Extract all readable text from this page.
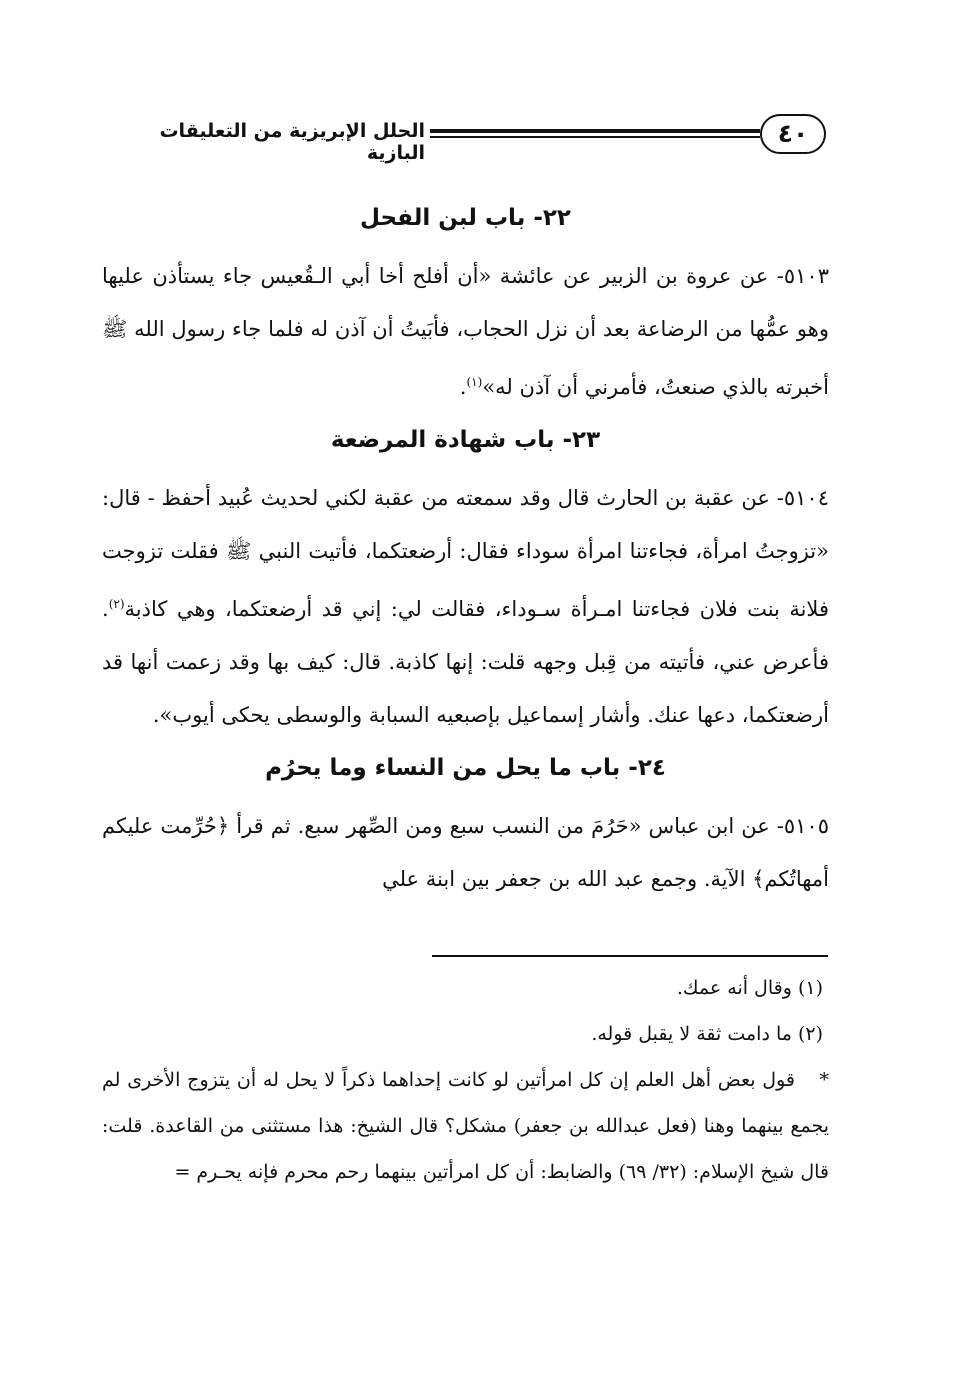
٤٠
الحلل الإبريزية من التعليقات البازية
٢٢- باب لبن الفحل

٥١٠٣- عن عروة بن الزبير عن عائشة «أن أفلح أخا أبي الـقُعيس جاء يستأذن عليها وهو عمُّها من الرضاعة بعد أن نزل الحجاب، فأبَيتُ أن آذن له فلما جاء رسول الله ﷺ أخبرته بالذي صنعتُ، فأمرني أن آذن له»$^{(١)}$.

٢٣- باب شهادة المرضعة

٥١٠٤- عن عقبة بن الحارث قال وقد سمعته من عقبة لكني لحديث عُبيد أحفظ - قال: «تزوجتُ امرأة، فجاءتنا امرأة سوداء فقال: أرضعتكما، فأتيت النبي ﷺ فقلت تزوجت فلانة بنت فلان فجاءتنا امـرأة سـوداء، فقالت لي: إني قد أرضعتكما، وهي كاذبة$^{(٢)}$. فأعرض عني، فأتيته من قِبل وجهه قلت: إنها كاذبة. قال: كيف بها وقد زعمت أنها قد أرضعتكما، دعها عنك. وأشار إسماعيل بإصبعيه السبابة والوسطى يحكى أيوب».

٢٤- باب ما يحل من النساء وما يحرُم

٥١٠٥- عن ابن عباس «حَرُمَ من النسب سبع ومن الصِّهر سبع. ثم قرأ ﴿حُرِّمت عليكم أمهاتُكم﴾ الآية. وجمع عبد الله بن جعفر بين ابنة علي

(١) وقال أنه عمك.

(٢) ما دامت ثقة لا يقبل قوله.

*قول بعض أهل العلم إن كل امرأتين لو كانت إحداهما ذكراً لا يحل له أن يتزوج الأخرى لم يجمع بينهما وهنا (فعل عبدالله بن جعفر) مشكل؟ قال الشيخ: هذا مستثنى من القاعدة. قلت: قال شيخ الإسلام: (٣٢/ ٦٩) والضابط: أن كل امرأتين بينهما رحم محرم فإنه يحـرم =
